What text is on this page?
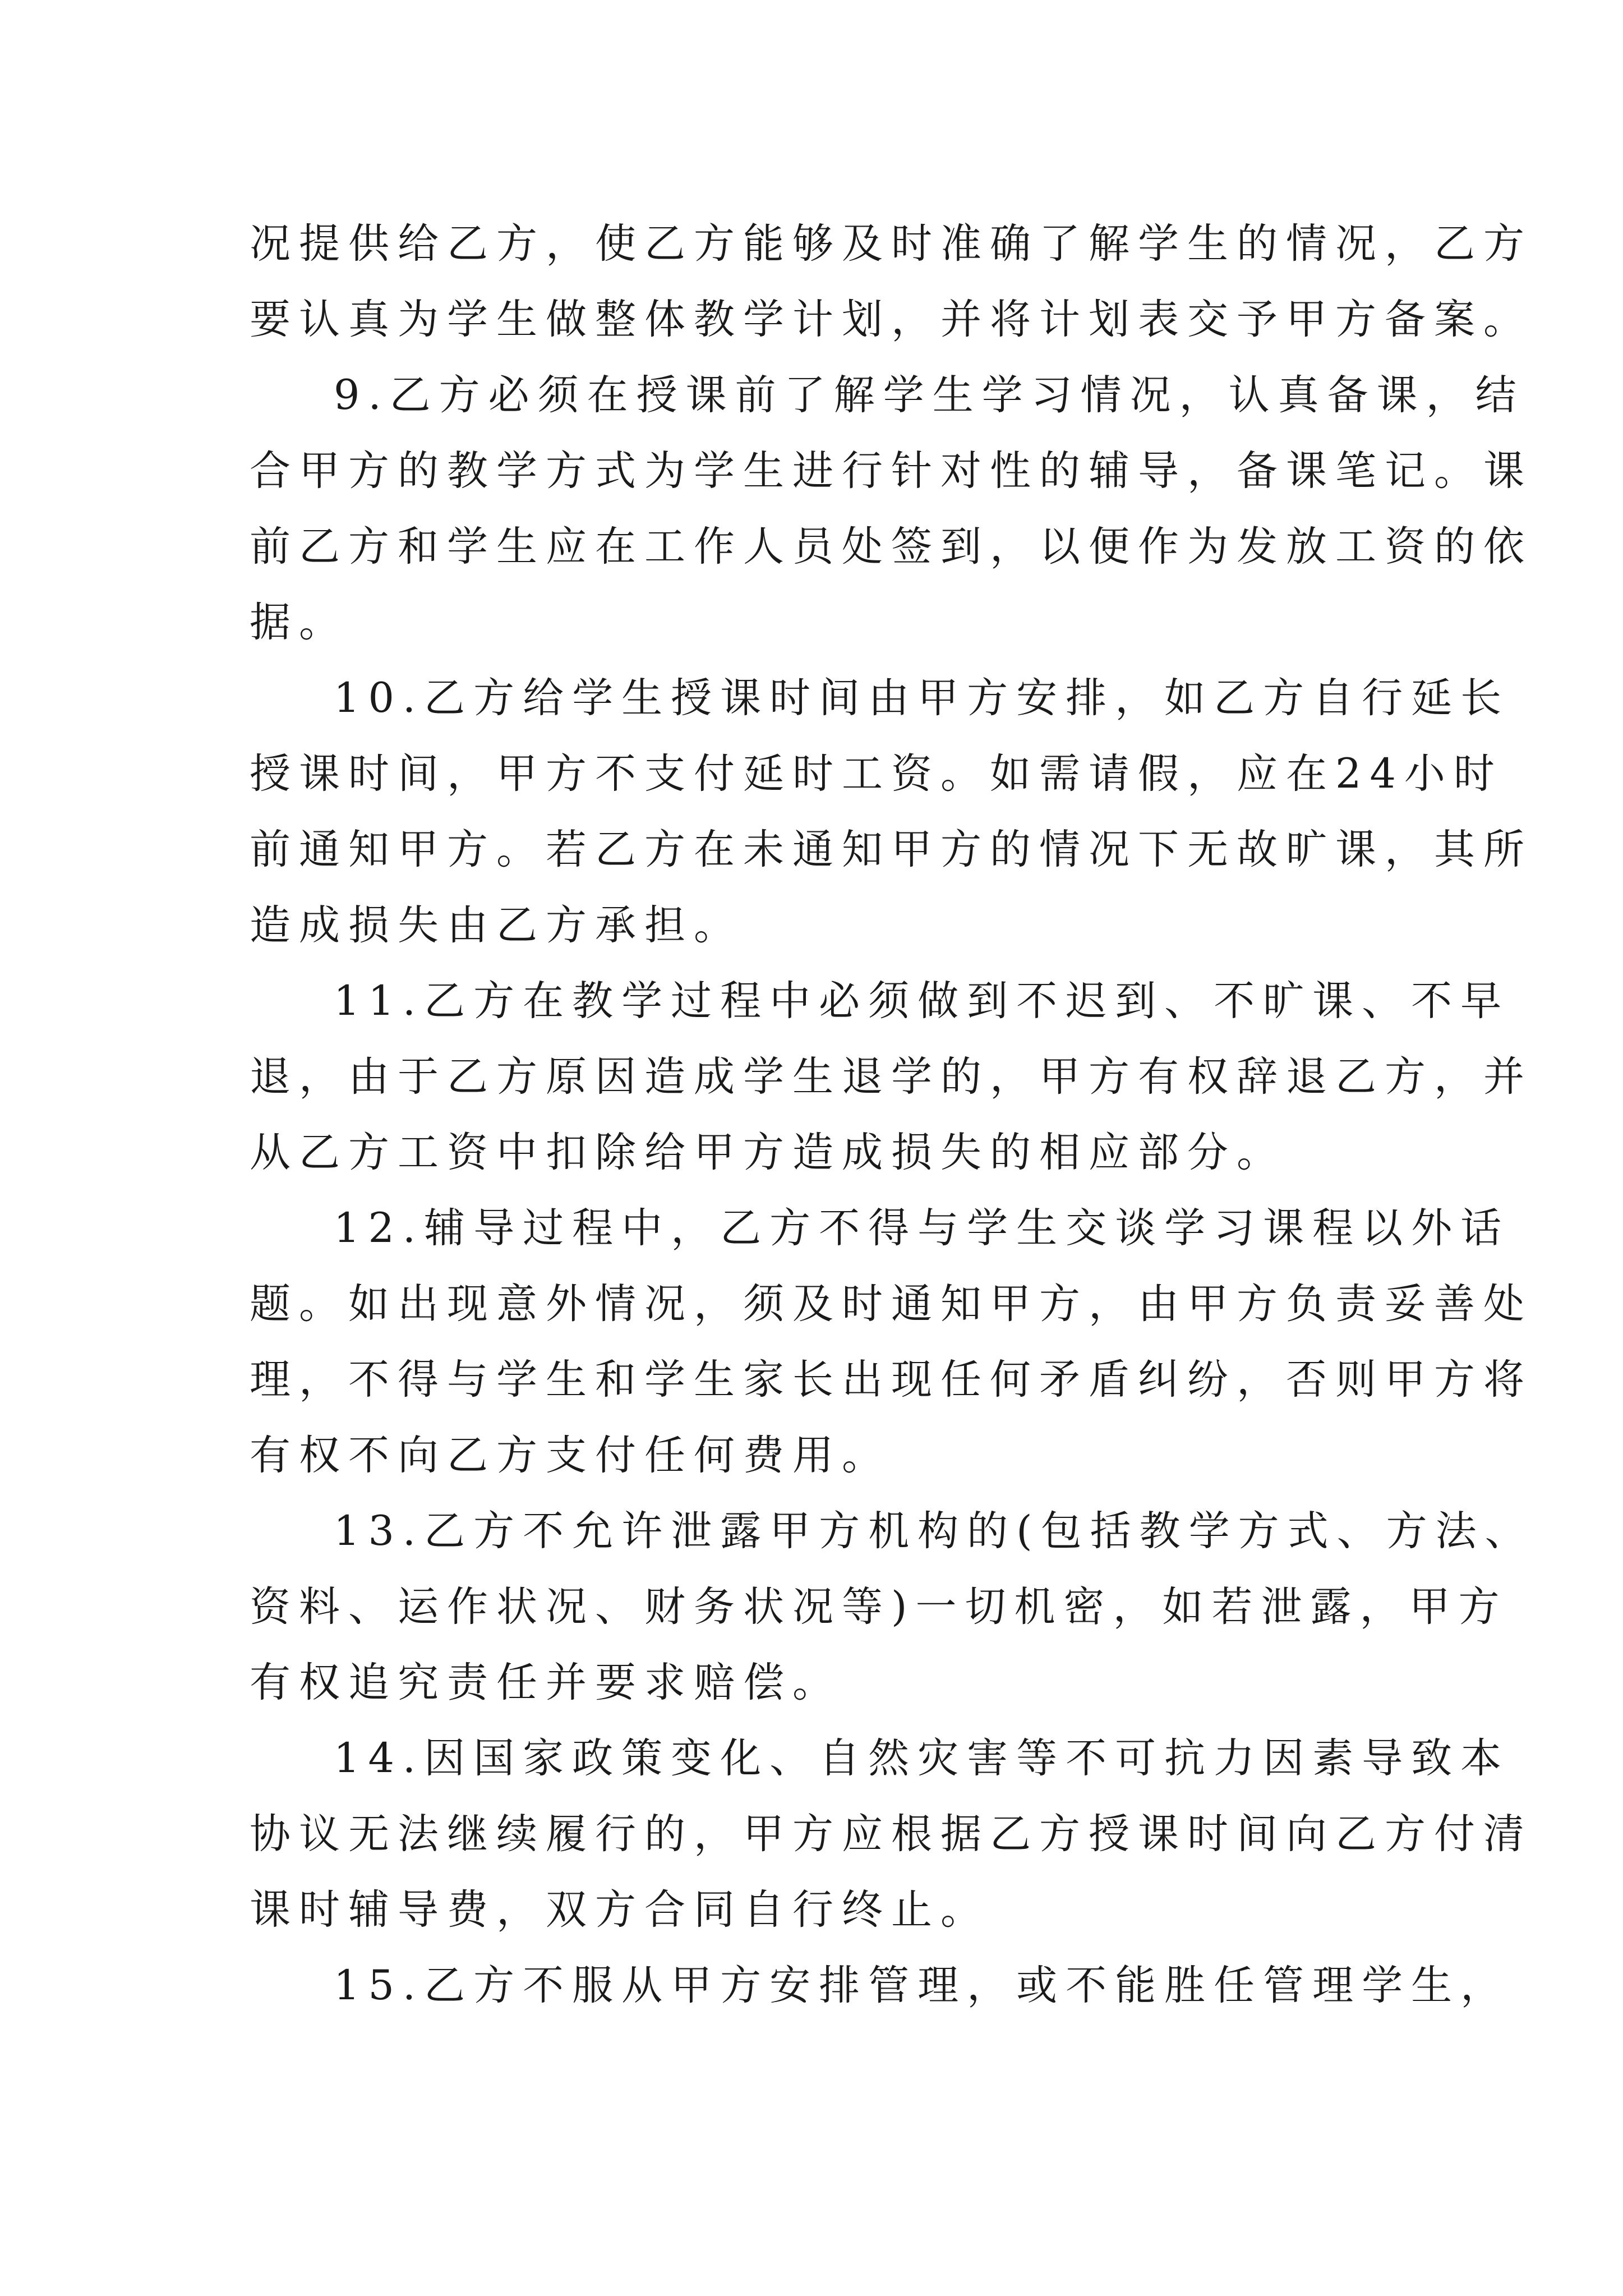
况提供给乙方，使乙方能够及时准确了解学生的情况，乙方

要认真为学生做整体教学计划，并将计划表交予甲方备案。

9.乙方必须在授课前了解学生学习情况，认真备课，结

合甲方的教学方式为学生进行针对性的辅导，备课笔记。课

前乙方和学生应在工作人员处签到，以便作为发放工资的依

据。

10.乙方给学生授课时间由甲方安排，如乙方自行延长

授课时间，甲方不支付延时工资。如需请假，应在24小时

前通知甲方。若乙方在未通知甲方的情况下无故旷课，其所

造成损失由乙方承担。

11.乙方在教学过程中必须做到不迟到、不旷课、不早

退，由于乙方原因造成学生退学的，甲方有权辞退乙方，并

从乙方工资中扣除给甲方造成损失的相应部分。

12.辅导过程中，乙方不得与学生交谈学习课程以外话

题。如出现意外情况，须及时通知甲方，由甲方负责妥善处

理，不得与学生和学生家长出现任何矛盾纠纷，否则甲方将

有权不向乙方支付任何费用。

13.乙方不允许泄露甲方机构的(包括教学方式、方法、

资料、运作状况、财务状况等)一切机密，如若泄露，甲方

有权追究责任并要求赔偿。

14.因国家政策变化、自然灾害等不可抗力因素导致本

协议无法继续履行的，甲方应根据乙方授课时间向乙方付清

课时辅导费，双方合同自行终止。

15.乙方不服从甲方安排管理，或不能胜任管理学生，
